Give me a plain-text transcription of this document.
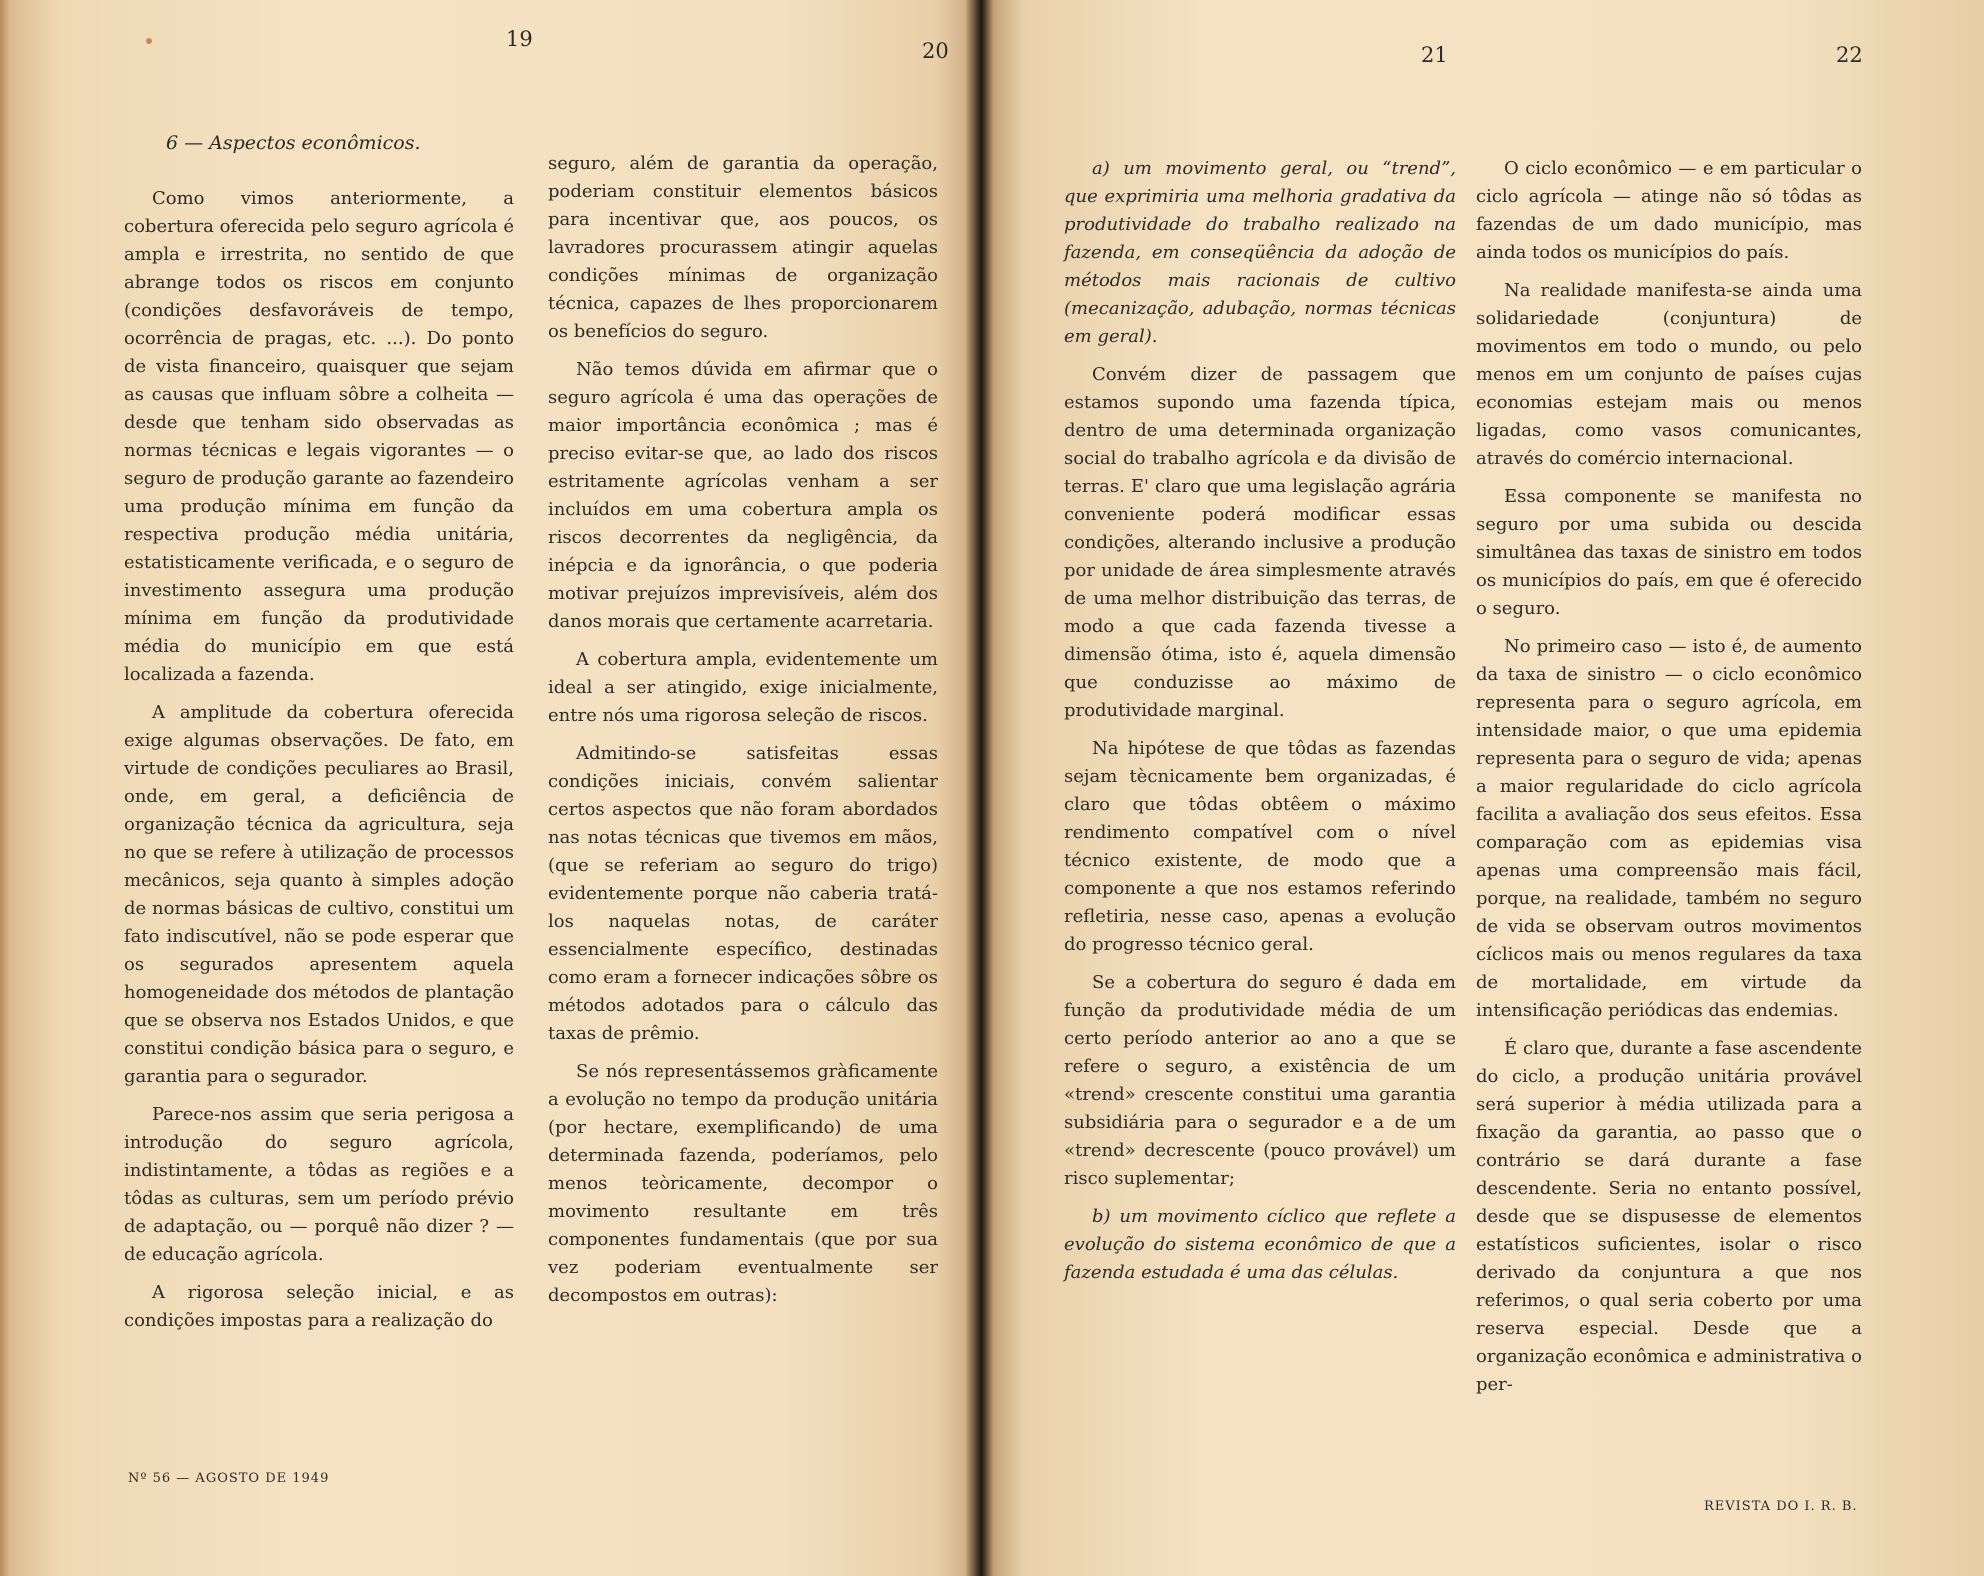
19	20
6 — Aspectos econômicos.

Como vimos anteriormente, a cobertura oferecida pelo seguro agrícola é ampla e irrestrita, no sentido de que abrange todos os riscos em conjunto (condições desfavoráveis de tempo, ocorrência de pragas, etc. ...). Do ponto de vista financeiro, quaisquer que sejam as causas que influam sôbre a colheita — desde que tenham sido observadas as normas técnicas e legais vigorantes — o seguro de produção garante ao fazendeiro uma produção mínima em função da respectiva produção média unitária, estatisticamente verificada, e o seguro de investimento assegura uma produção mínima em função da produtividade média do município em que está localizada a fazenda.

A amplitude da cobertura oferecida exige algumas observações. De fato, em virtude de condições peculiares ao Brasil, onde, em geral, a deficiência de organização técnica da agricultura, seja no que se refere à utilização de processos mecânicos, seja quanto à simples adoção de normas básicas de cultivo, constitui um fato indiscutível, não se pode esperar que os segurados apresentem aquela homogeneidade dos métodos de plantação que se observa nos Estados Unidos, e que constitui condição básica para o seguro, e garantia para o segurador.

Parece-nos assim que seria perigosa a introdução do seguro agrícola, indistintamente, a tôdas as regiões e a tôdas as culturas, sem um período prévio de adaptação, ou — porquê não dizer ? — de educação agrícola.

A rigorosa seleção inicial, e as condições impostas para a realização do

seguro, além de garantia da operação, poderiam constituir elementos básicos para incentivar que, aos poucos, os lavradores procurassem atingir aquelas condições mínimas de organização técnica, capazes de lhes proporcionarem os benefícios do seguro.

Não temos dúvida em afirmar que o seguro agrícola é uma das operações de maior importância econômica ; mas é preciso evitar-se que, ao lado dos riscos estritamente agrícolas venham a ser incluídos em uma cobertura ampla os riscos decorrentes da negligência, da inépcia e da ignorância, o que poderia motivar prejuízos imprevisíveis, além dos danos morais que certamente acarretaria.

A cobertura ampla, evidentemente um ideal a ser atingido, exige inicialmente, entre nós uma rigorosa seleção de riscos.

Admitindo-se satisfeitas essas condições iniciais, convém salientar certos aspectos que não foram abordados nas notas técnicas que tivemos em mãos, (que se referiam ao seguro do trigo) evidentemente porque não caberia tratá-los naquelas notas, de caráter essencialmente específico, destinadas como eram a fornecer indicações sôbre os métodos adotados para o cálculo das taxas de prêmio.

Se nós representássemos gràficamente a evolução no tempo da produção unitária (por hectare, exemplificando) de uma determinada fazenda, poderíamos, pelo menos teòricamente, decompor o movimento resultante em três componentes fundamentais (que por sua vez poderiam eventualmente ser decompostos em outras):

Nº 56 — AGOSTO DE 1949
21	22

a) um movimento geral, ou “trend”, que exprimiria uma melhoria gradativa da produtividade do trabalho realizado na fazenda, em conseqüência da adoção de métodos mais racionais de cultivo (mecanização, adubação, normas técnicas em geral).

Convém dizer de passagem que estamos supondo uma fazenda típica, dentro de uma determinada organização social do trabalho agrícola e da divisão de terras. E' claro que uma legislação agrária conveniente poderá modificar essas condições, alterando inclusive a produção por unidade de área simplesmente através de uma melhor distribuição das terras, de modo a que cada fazenda tivesse a dimensão ótima, isto é, aquela dimensão que conduzisse ao máximo de produtividade marginal.

Na hipótese de que tôdas as fazendas sejam tècnicamente bem organizadas, é claro que tôdas obtêem o máximo rendimento compatível com o nível técnico existente, de modo que a componente a que nos estamos referindo refletiria, nesse caso, apenas a evolução do progresso técnico geral.

Se a cobertura do seguro é dada em função da produtividade média de um certo período anterior ao ano a que se refere o seguro, a existência de um «trend» crescente constitui uma garantia subsidiária para o segurador e a de um «trend» decrescente (pouco provável) um risco suplementar;

b) um movimento cíclico que reflete a evolução do sistema econômico de que a fazenda estudada é uma das células.

O ciclo econômico — e em particular o ciclo agrícola — atinge não só tôdas as fazendas de um dado município, mas ainda todos os municípios do país.

Na realidade manifesta-se ainda uma solidariedade (conjuntura) de movimentos em todo o mundo, ou pelo menos em um conjunto de países cujas economias estejam mais ou menos ligadas, como vasos comunicantes, através do comércio internacional.

Essa componente se manifesta no seguro por uma subida ou descida simultânea das taxas de sinistro em todos os municípios do país, em que é oferecido o seguro.

No primeiro caso — isto é, de aumento da taxa de sinistro — o ciclo econômico representa para o seguro agrícola, em intensidade maior, o que uma epidemia representa para o seguro de vida; apenas a maior regularidade do ciclo agrícola facilita a avaliação dos seus efeitos. Essa comparação com as epidemias visa apenas uma compreensão mais fácil, porque, na realidade, também no seguro de vida se observam outros movimentos cíclicos mais ou menos regulares da taxa de mortalidade, em virtude da intensificação periódicas das endemias.

É claro que, durante a fase ascendente do ciclo, a produção unitária provável será superior à média utilizada para a fixação da garantia, ao passo que o contrário se dará durante a fase descendente. Seria no entanto possível, desde que se dispusesse de elementos estatísticos suficientes, isolar o risco derivado da conjuntura a que nos referimos, o qual seria coberto por uma reserva especial. Desde que a organização econômica e administrativa o per-

REVISTA DO I. R. B.
